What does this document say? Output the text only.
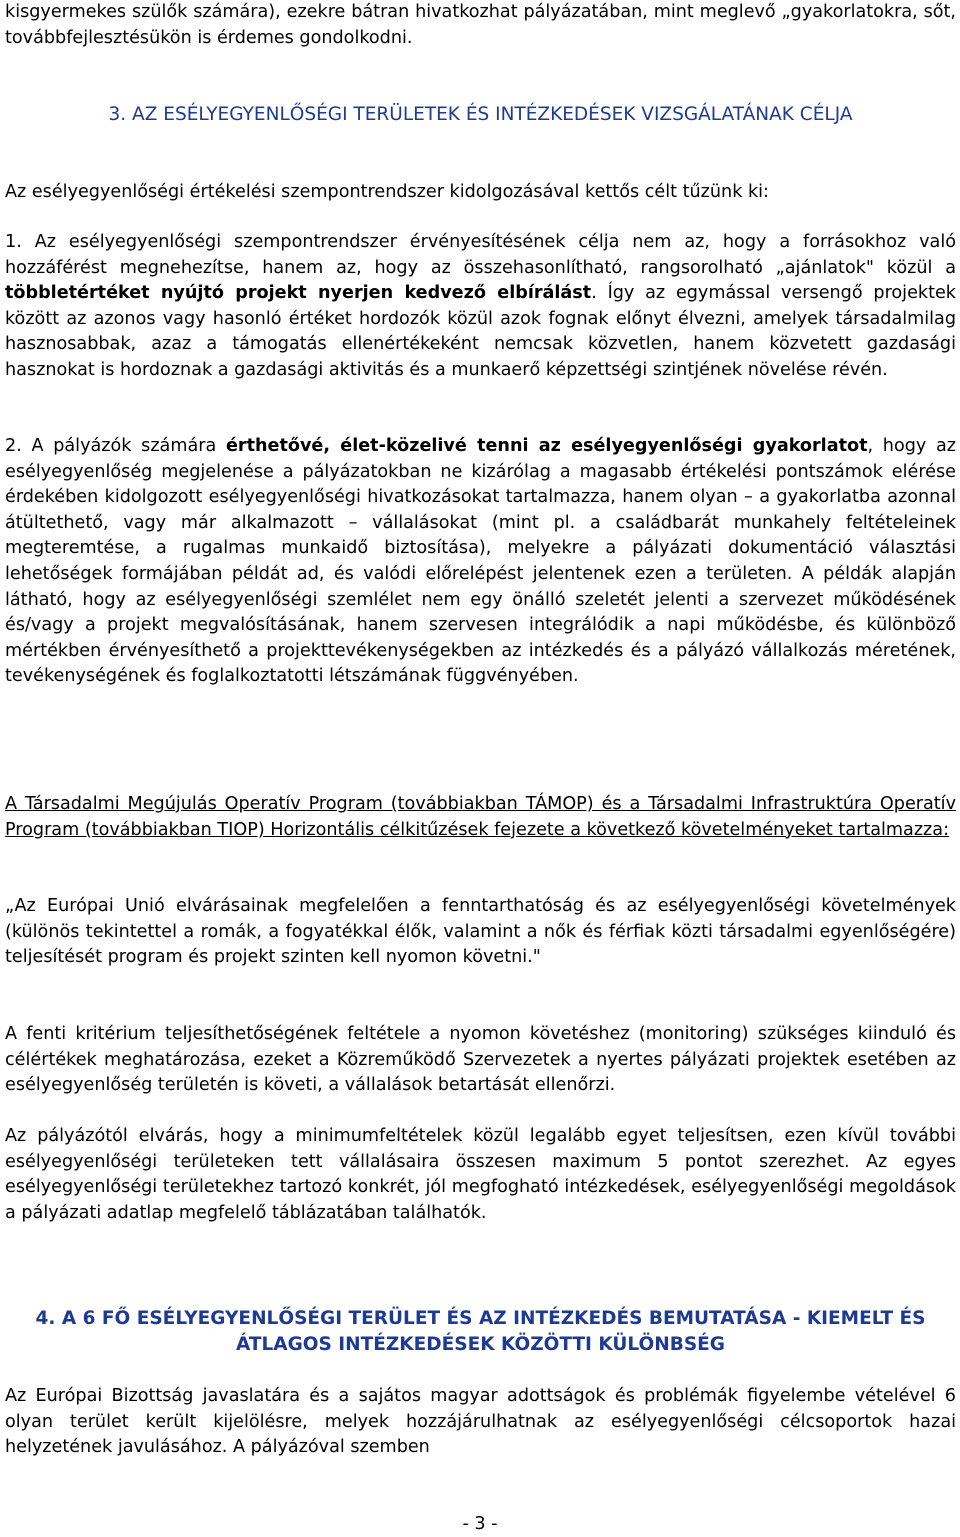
kisgyermekes szülők számára), ezekre bátran hivatkozhat pályázatában, mint meglevő „gyakorlatokra, sőt, továbbfejlesztésükön is érdemes gondolkodni.

3. AZ ESÉLYEGYENLŐSÉGI TERÜLETEK ÉS INTÉZKEDÉSEK VIZSGÁLATÁNAK CÉLJA

Az esélyegyenlőségi értékelési szempontrendszer kidolgozásával kettős célt tűzünk ki:

1. Az esélyegyenlőségi szempontrendszer érvényesítésének célja nem az, hogy a forrásokhoz való hozzáférést megnehezítse, hanem az, hogy az összehasonlítható, rangsorolható „ajánlatok" közül a többletértéket nyújtó projekt nyerjen kedvező elbírálást. Így az egymással versengő projektek között az azonos vagy hasonló értéket hordozók közül azok fognak előnyt élvezni, amelyek társadalmilag hasznosabbak, azaz a támogatás ellenértékeként nemcsak közvetlen, hanem közvetett gazdasági hasznokat is hordoznak a gazdasági aktivitás és a munkaerő képzettségi szintjének növelése révén.

2. A pályázók számára érthetővé, élet-közelivé tenni az esélyegyenlőségi gyakorlatot, hogy az esélyegyenlőség megjelenése a pályázatokban ne kizárólag a magasabb értékelési pontszámok elérése érdekében kidolgozott esélyegyenlőségi hivatkozásokat tartalmazza, hanem olyan – a gyakorlatba azonnal átültethető, vagy már alkalmazott – vállalásokat (mint pl. a családbarát munkahely feltételeinek megteremtése, a rugalmas munkaidő biztosítása), melyekre a pályázati dokumentáció választási lehetőségek formájában példát ad, és valódi előrelépést jelentenek ezen a területen. A példák alapján látható, hogy az esélyegyenlőségi szemlélet nem egy önálló szeletét jelenti a szervezet működésének és/vagy a projekt megvalósításának, hanem szervesen integrálódik a napi működésbe, és különböző mértékben érvényesíthető a projekttevékenységekben az intézkedés és a pályázó vállalkozás méretének, tevékenységének és foglalkoztatotti létszámának függvényében.

A Társadalmi Megújulás Operatív Program (továbbiakban TÁMOP) és a Társadalmi Infrastruktúra Operatív Program (továbbiakban TIOP) Horizontális célkitűzések fejezete a következő követelményeket tartalmazza:

„Az Európai Unió elvárásainak megfelelően a fenntarthatóság és az esélyegyenlőségi követelmények (különös tekintettel a romák, a fogyatékkal élők, valamint a nők és férfiak közti társadalmi egyenlőségére) teljesítését program és projekt szinten kell nyomon követni."

A fenti kritérium teljesíthetőségének feltétele a nyomon követéshez (monitoring) szükséges kiinduló és célértékek meghatározása, ezeket a Közreműködő Szervezetek a nyertes pályázati projektek esetében az esélyegyenlőség területén is követi, a vállalások betartását ellenőrzi.

Az pályázótól elvárás, hogy a minimumfeltételek közül legalább egyet teljesítsen, ezen kívül további esélyegyenlőségi területeken tett vállalásaira összesen maximum 5 pontot szerezhet. Az egyes esélyegyenlőségi területekhez tartozó konkrét, jól megfogható intézkedések, esélyegyenlőségi megoldások a pályázati adatlap megfelelő táblázatában találhatók.

4. A 6 FŐ ESÉLYEGYENLŐSÉGI TERÜLET ÉS AZ INTÉZKEDÉS BEMUTATÁSA - KIEMELT ÉS ÁTLAGOS INTÉZKEDÉSEK KÖZÖTTI KÜLÖNBSÉG

Az Európai Bizottság javaslatára és a sajátos magyar adottságok és problémák figyelembe vételével 6 olyan terület került kijelölésre, melyek hozzájárulhatnak az esélyegyenlőségi célcsoportok hazai helyzetének javulásához. A pályázóval szemben

- 3 -
